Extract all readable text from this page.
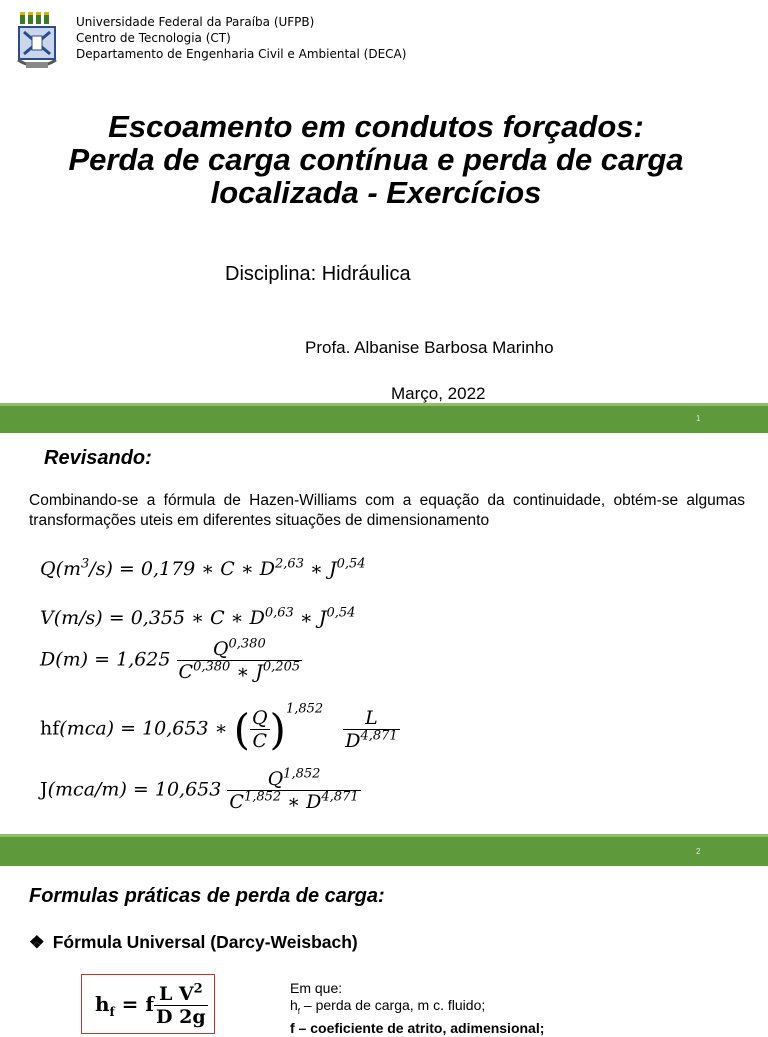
Universidade Federal da Paraíba (UFPB)
Centro de Tecnologia (CT)
Departamento de Engenharia Civil e Ambiental (DECA)
Escoamento em condutos forçados:
Perda de carga contínua e perda de carga
localizada - Exercícios
Disciplina: Hidráulica
Profa. Albanise Barbosa Marinho
Março, 2022
1
Revisando:
Combinando-se a fórmula de Hazen-Williams com a equação da continuidade, obtém-se algumas transformações uteis em diferentes situações de dimensionamento
$Q(m^3/s) = 0,179$ ∗ C ∗ D$^{2,63}$ ∗ J$^{0,54}$
V(m/s) = 0,355 ∗ C ∗ D$^{0,63}$ ∗ J$^{0,54}$
$D(m) = 1,625 \frac{Q^{0,380}}{C^{0,380} ∗ J^{0,205}}$
hf(mca) = 10,653 ∗ ( $\frac{Q}{C} )^{1,852} \frac{L}{D^{4,871}}$
$J(mca/m) = 10,653 \frac{Q^{1,852}}{C^{1,852} ∗ D^{4,871}}$
2
Formulas práticas de perda de carga:
❖ Fórmula Universal (Darcy-Weisbach)
$h_f = f \frac{L V^2}{D 2g}$	Em que:
$h_f$ – perda de carga, m c. fluido;
f – coeficiente de atrito, adimensional;
